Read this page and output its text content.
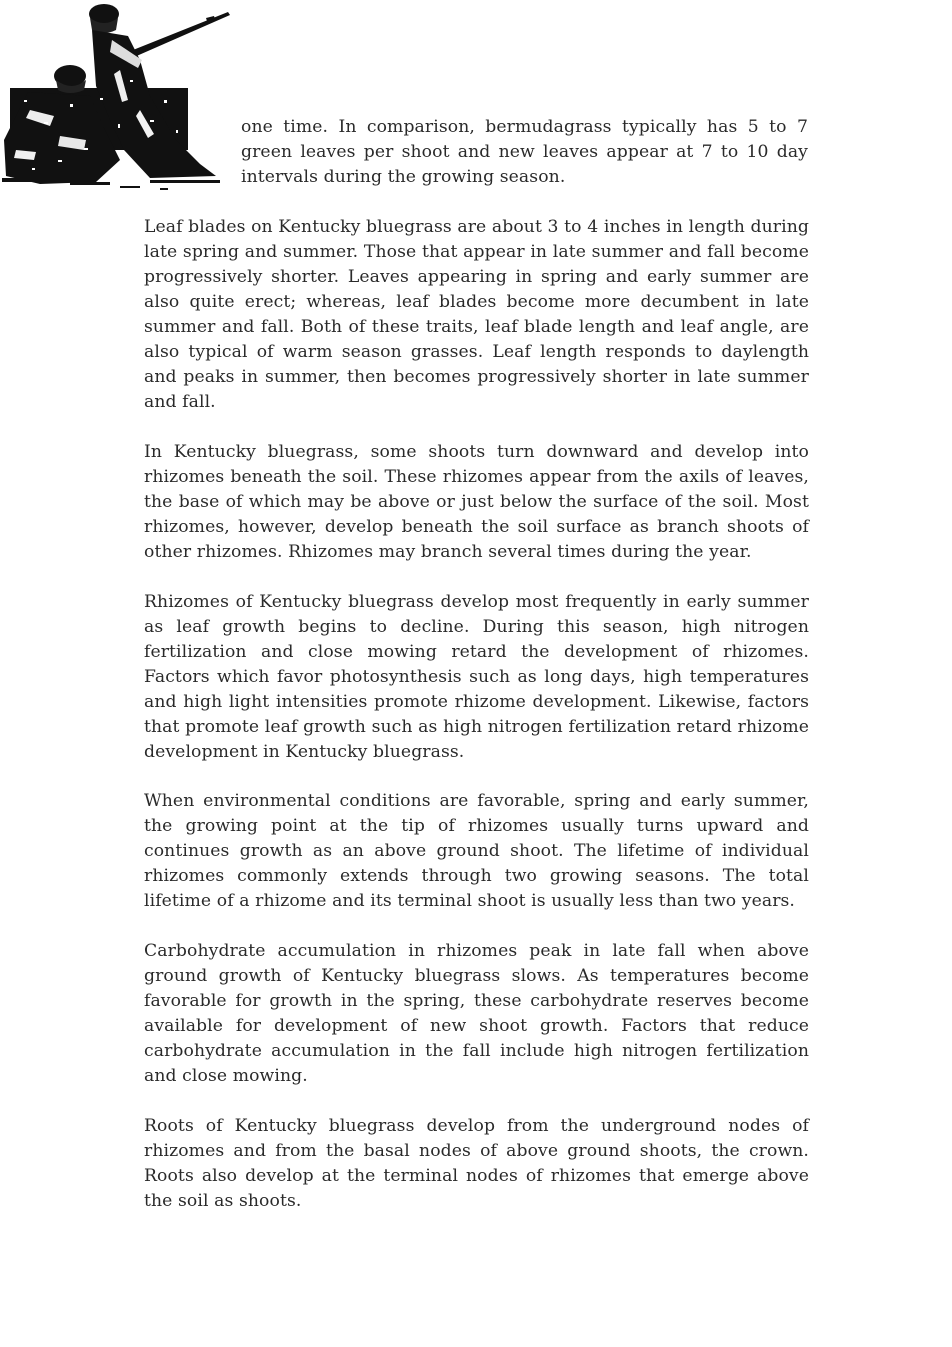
one time. In comparison, bermudagrass typically has 5 to 7 green leaves per shoot and new leaves appear at 7 to 10 day intervals during the growing season.

Leaf blades on Kentucky bluegrass are about 3 to 4 inches in length during late spring and summer. Those that appear in late summer and fall become progressively shorter. Leaves appearing in spring and early summer are also quite erect; whereas, leaf blades become more decumbent in late summer and fall. Both of these traits, leaf blade length and leaf angle, are also typical of warm season grasses. Leaf length responds to daylength and peaks in summer, then becomes progressively shorter in late summer and fall.

In Kentucky bluegrass, some shoots turn downward and develop into rhizomes beneath the soil. These rhizomes appear from the axils of leaves, the base of which may be above or just below the surface of the soil. Most rhizomes, however, develop beneath the soil surface as branch shoots of other rhizomes. Rhizomes may branch several times during the year.

Rhizomes of Kentucky bluegrass develop most frequently in early summer as leaf growth begins to decline. During this season, high nitrogen fertilization and close mowing retard the development of rhizomes. Factors which favor photosynthesis such as long days, high temperatures and high light intensities promote rhizome development. Likewise, factors that promote leaf growth such as high nitrogen fertilization retard rhizome development in Kentucky bluegrass.

When environmental conditions are favorable, spring and early summer, the growing point at the tip of rhizomes usually turns upward and continues growth as an above ground shoot. The lifetime of individual rhizomes commonly extends through two growing seasons. The total lifetime of a rhizome and its terminal shoot is usually less than two years.

Carbohydrate accumulation in rhizomes peak in late fall when above ground growth of Kentucky bluegrass slows. As temperatures become favorable for growth in the spring, these carbohydrate reserves become available for development of new shoot growth. Factors that reduce carbohydrate accumulation in the fall include high nitrogen fertilization and close mowing.

Roots of Kentucky bluegrass develop from the underground nodes of rhizomes and from the basal nodes of above ground shoots, the crown. Roots also develop at the terminal nodes of rhizomes that emerge above the soil as shoots.
